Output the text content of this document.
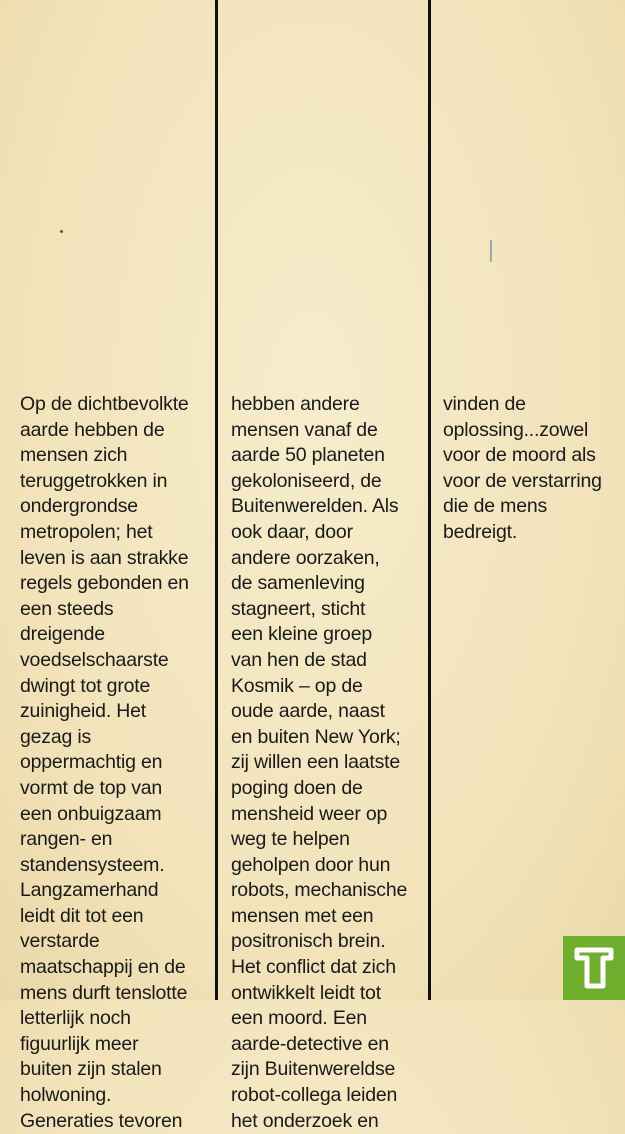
Op de dichtbevolkte
aarde hebben de
mensen zich
teruggetrokken in
ondergrondse
metropolen; het
leven is aan strakke
regels gebonden en
een steeds
dreigende
voedselschaarste
dwingt tot grote
zuinigheid. Het
gezag is
oppermachtig en
vormt de top van
een onbuigzaam
rangen- en
standensysteem.
Langzamerhand
leidt dit tot een
verstarde
maatschappij en de
mens durft tenslotte
letterlijk noch
figuurlijk meer
buiten zijn stalen
holwoning.
Generaties tevoren
hebben andere
mensen vanaf de
aarde 50 planeten
gekoloniseerd, de
Buitenwerelden. Als
ook daar, door
andere oorzaken,
de samenleving
stagneert, sticht
een kleine groep
van hen de stad
Kosmik – op de
oude aarde, naast
en buiten New York;
zij willen een laatste
poging doen de
mensheid weer op
weg te helpen
geholpen door hun
robots, mechanische
mensen met een
positronisch brein.
Het conflict dat zich
ontwikkelt leidt tot
een moord. Een
aarde-detective en
zijn Buitenwereldse
robot-collega leiden
het onderzoek en
vinden de
oplossing...zowel
voor de moord als
voor de verstarring
die de mens
bedreigt.
